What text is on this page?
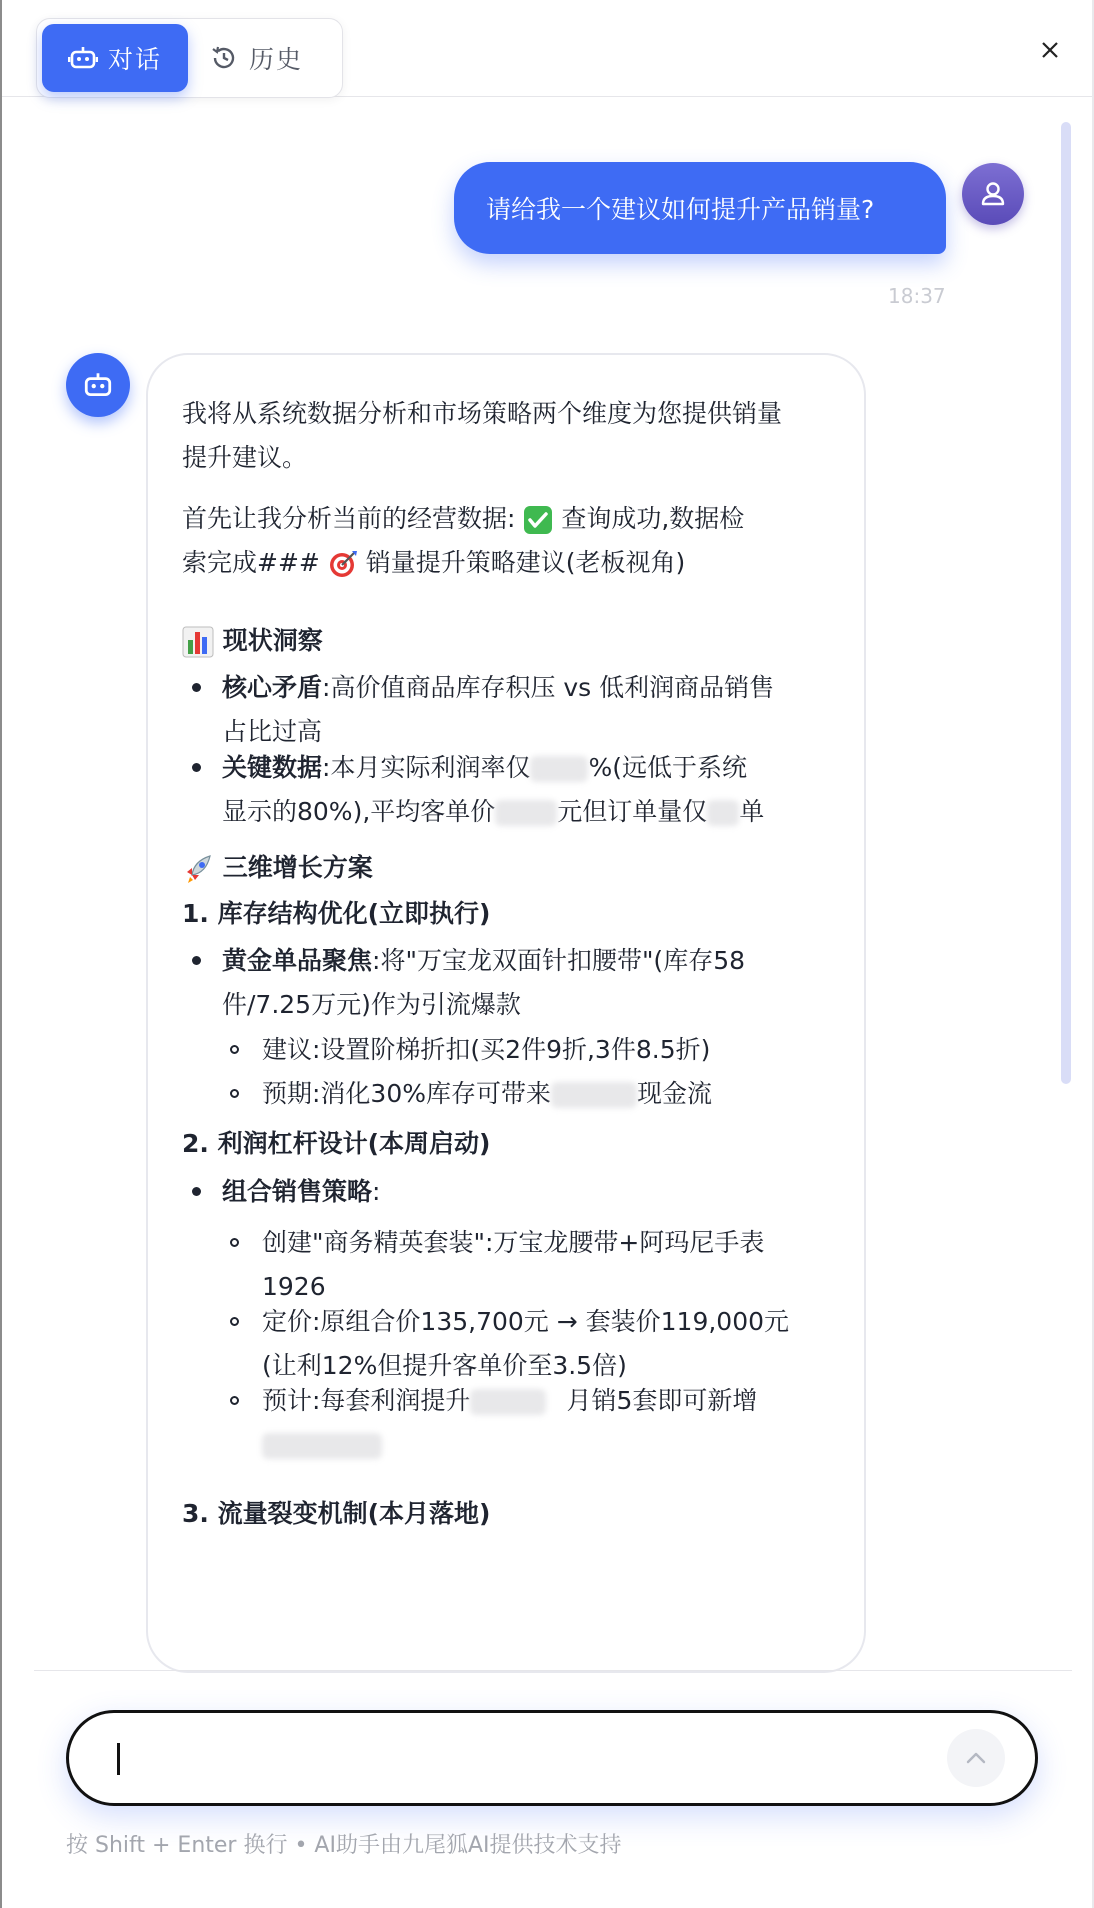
对话	历史
请给我一个建议如何提升产品销量?
18:37
我将从系统数据分析和市场策略两个维度为您提供销量
提升建议。
首先让我分析当前的经营数据: 查询成功,数据检
索完成### 销量提升策略建议(老板视角)
现状洞察
核心矛盾:高价值商品库存积压 vs 低利润商品销售
占比过高
关键数据:本月实际利润率仅 %(远低于系统
显示的80%),平均客单价 元但订单量仅 单
三维增长方案
1. 库存结构优化(立即执行)
黄金单品聚焦:将"万宝龙双面针扣腰带"(库存58
件/7.25万元)作为引流爆款
建议:设置阶梯折扣(买2件9折,3件8.5折)
预期:消化30%库存可带来	现金流
2. 利润杠杆设计(本周启动)
组合销售策略:
创建"商务精英套装":万宝龙腰带+阿玛尼手表
1926
定价:原组合价135,700元 → 套装价119,000元
(让利12%但提升客单价至3.5倍)
预计:每套利润提升	月销5套即可新增
3. 流量裂变机制(本月落地)
按 Shift + Enter 换行 • AI助手由九尾狐AI提供技术支持
